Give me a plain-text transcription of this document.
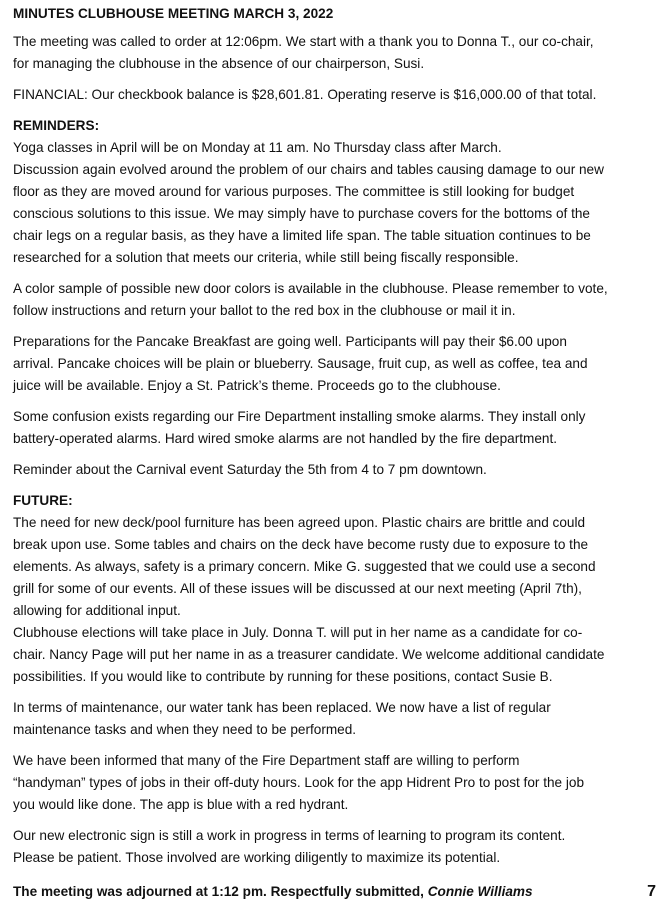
MINUTES CLUBHOUSE MEETING MARCH 3, 2022
The meeting was called to order at 12:06pm. We start with a thank you to Donna T., our co-chair,
for managing the clubhouse in the absence of our chairperson, Susi.
FINANCIAL: Our checkbook balance is $28,601.81. Operating reserve is $16,000.00 of that total.
REMINDERS:
Yoga classes in April will be on Monday at 11 am. No Thursday class after March.
Discussion again evolved around the problem of our chairs and tables causing damage to our new
floor as they are moved around for various purposes. The committee is still looking for budget
conscious solutions to this issue. We may simply have to purchase covers for the bottoms of the
chair legs on a regular basis, as they have a limited life span. The table situation continues to be
researched for a solution that meets our criteria, while still being fiscally responsible.
A color sample of possible new door colors is available in the clubhouse. Please remember to vote,
follow instructions and return your ballot to the red box in the clubhouse or mail it in.
Preparations for the Pancake Breakfast are going well. Participants will pay their $6.00 upon
arrival. Pancake choices will be plain or blueberry. Sausage, fruit cup, as well as coffee, tea and
juice will be available. Enjoy a St. Patrick’s theme. Proceeds go to the clubhouse.
Some confusion exists regarding our Fire Department installing smoke alarms. They install only
battery-operated alarms. Hard wired smoke alarms are not handled by the fire department.
Reminder about the Carnival event Saturday the 5th from 4 to 7 pm downtown.
FUTURE:
The need for new deck/pool furniture has been agreed upon. Plastic chairs are brittle and could
break upon use. Some tables and chairs on the deck have become rusty due to exposure to the
elements. As always, safety is a primary concern. Mike G. suggested that we could use a second
grill for some of our events. All of these issues will be discussed at our next meeting (April 7th),
allowing for additional input.
Clubhouse elections will take place in July. Donna T. will put in her name as a candidate for co-
chair. Nancy Page will put her name in as a treasurer candidate. We welcome additional candidate
possibilities. If you would like to contribute by running for these positions, contact Susie B.
In terms of maintenance, our water tank has been replaced. We now have a list of regular
maintenance tasks and when they need to be performed.
We have been informed that many of the Fire Department staff are willing to perform
“handyman” types of jobs in their off-duty hours. Look for the app Hidrent Pro to post for the job
you would like done. The app is blue with a red hydrant.
Our new electronic sign is still a work in progress in terms of learning to program its content.
Please be patient. Those involved are working diligently to maximize its potential.
The meeting was adjourned at 1:12 pm. Respectfully submitted, Connie Williams	7
